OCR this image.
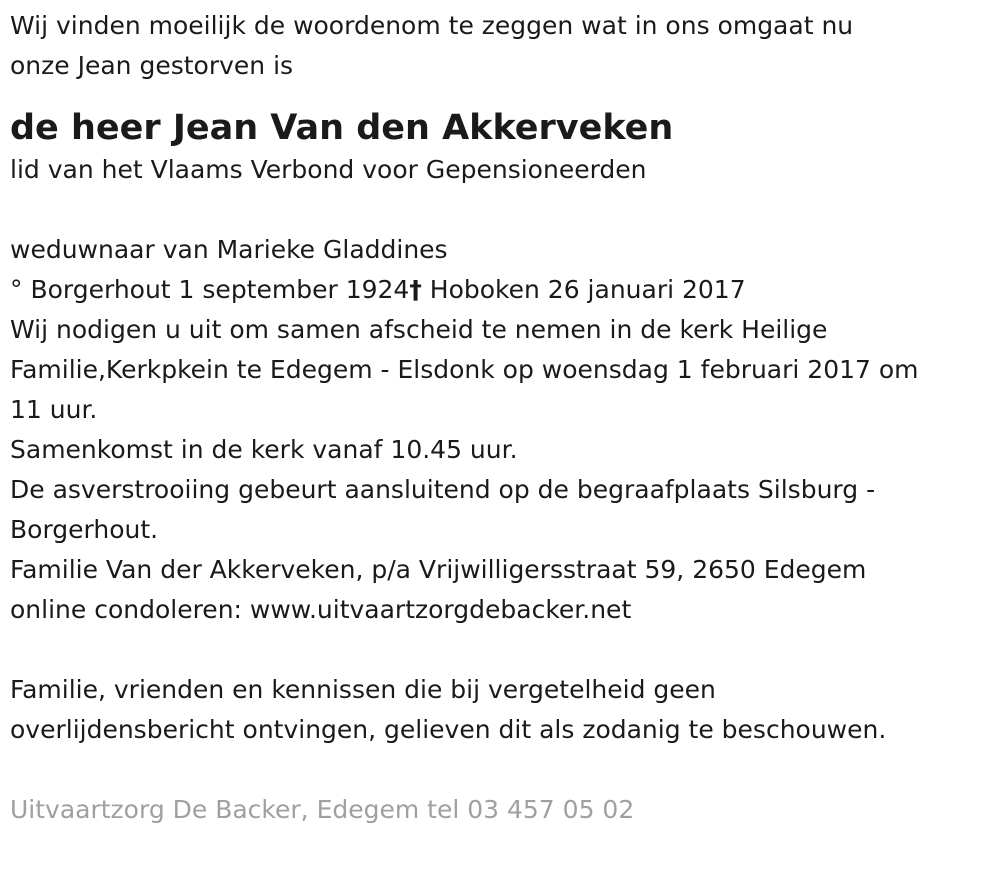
Wij vinden moeilijk de woordenom te zeggen wat in ons omgaat nu
onze Jean gestorven is
de heer Jean Van den Akkerveken
lid van het Vlaams Verbond voor Gepensioneerden
weduwnaar van Marieke Gladdines
° Borgerhout 1 september 1924† Hoboken 26 januari 2017
Wij nodigen u uit om samen afscheid te nemen in de kerk Heilige
Familie,Kerkpkein te Edegem - Elsdonk op woensdag 1 februari 2017 om
11 uur.
Samenkomst in de kerk vanaf 10.45 uur.
De asverstrooiing gebeurt aansluitend op de begraafplaats Silsburg -
Borgerhout.
Familie Van der Akkerveken, p/a Vrijwilligersstraat 59, 2650 Edegem
online condoleren: www.uitvaartzorgdebacker.net
Familie, vrienden en kennissen die bij vergetelheid geen
overlijdensbericht ontvingen, gelieven dit als zodanig te beschouwen.
Uitvaartzorg De Backer, Edegem tel 03 457 05 02
